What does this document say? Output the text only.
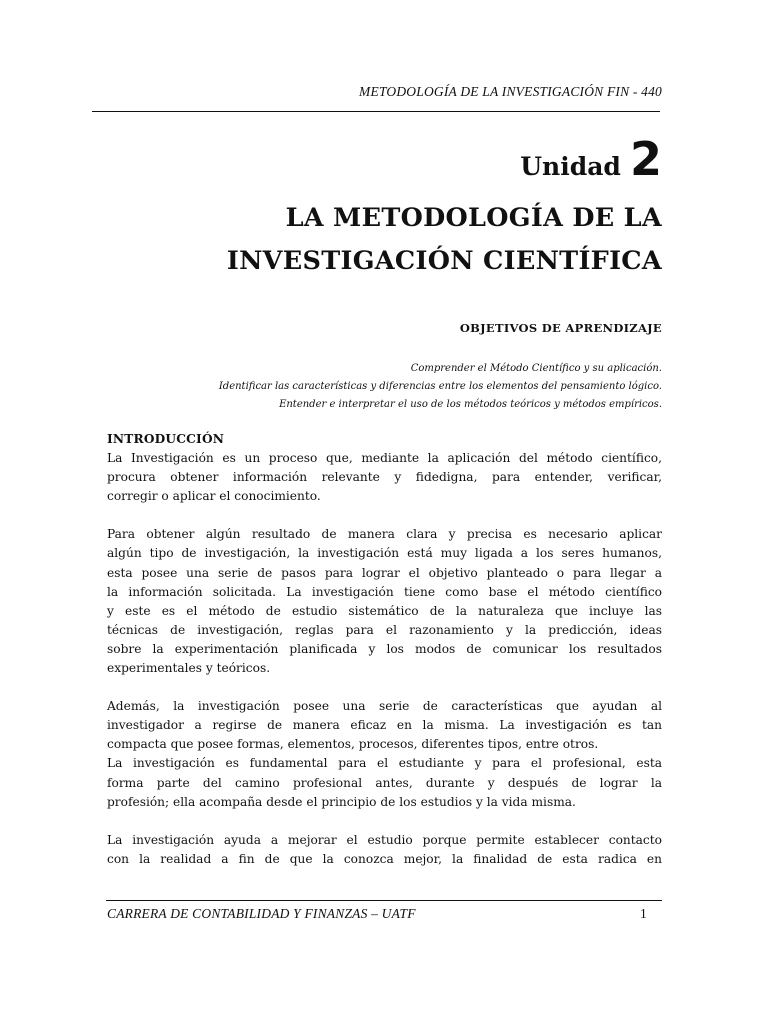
METODOLOGÍA DE LA INVESTIGACIÓN FIN - 440
Unidad 2
LA METODOLOGÍA DE LA
INVESTIGACIÓN CIENTÍFICA
OBJETIVOS DE APRENDIZAJE
Comprender el Método Científico y su aplicación.
Identificar las características y diferencias entre los elementos del pensamiento lógico.
Entender e interpretar el uso de los métodos teóricos y métodos empíricos.
INTRODUCCIÓN
La Investigación es un proceso que, mediante la aplicación del método científico,
procura obtener información relevante y fidedigna, para entender, verificar,
corregir o aplicar el conocimiento.
Para obtener algún resultado de manera clara y precisa es necesario aplicar
algún tipo de investigación, la investigación está muy ligada a los seres humanos,
esta posee una serie de pasos para lograr el objetivo planteado o para llegar a
la información solicitada. La investigación tiene como base el método científico
y este es el método de estudio sistemático de la naturaleza que incluye las
técnicas de investigación, reglas para el razonamiento y la predicción, ideas
sobre la experimentación planificada y los modos de comunicar los resultados
experimentales y teóricos.
Además, la investigación posee una serie de características que ayudan al
investigador a regirse de manera eficaz en la misma. La investigación es tan
compacta que posee formas, elementos, procesos, diferentes tipos, entre otros.
La investigación es fundamental para el estudiante y para el profesional, esta
forma parte del camino profesional antes, durante y después de lograr la
profesión; ella acompaña desde el principio de los estudios y la vida misma.
La investigación ayuda a mejorar el estudio porque permite establecer contacto
con la realidad a fin de que la conozca mejor, la finalidad de esta radica en
CARRERA DE CONTABILIDAD Y FINANZAS – UATF	1
